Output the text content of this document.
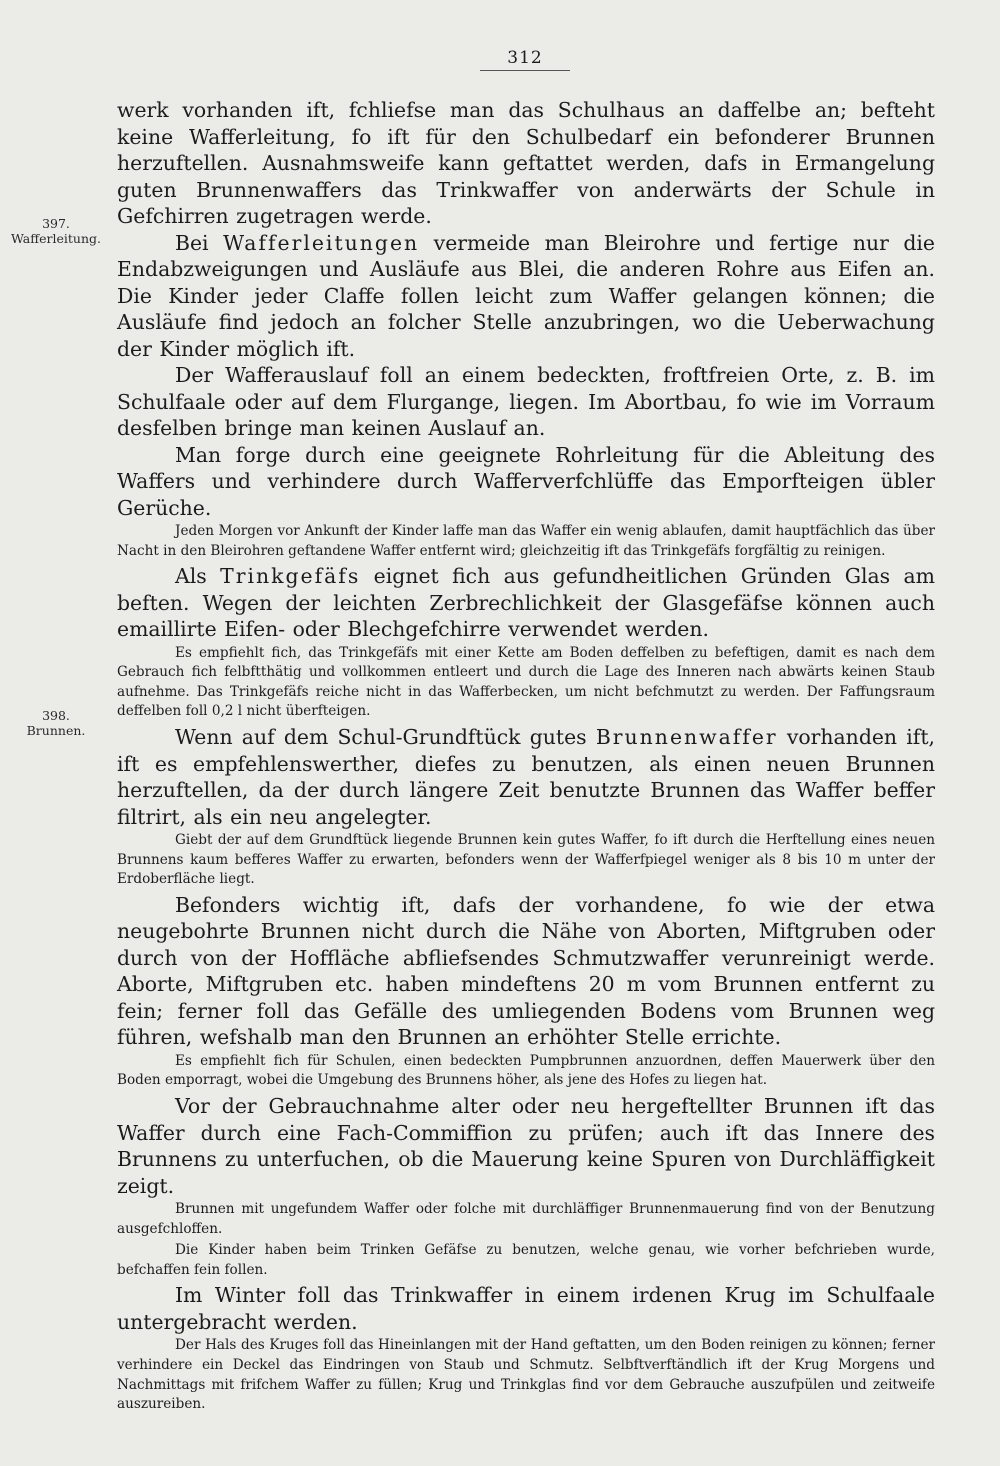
312
397.
Wafferleitung.
398.
Brunnen.

werk vorhanden ift, fchliefse man das Schulhaus an daffelbe an; befteht keine Wafferleitung, fo ift für den Schulbedarf ein befonderer Brunnen herzuftellen. Ausnahmsweife kann geftattet werden, dafs in Ermangelung guten Brunnenwaffers das Trinkwaffer von anderwärts der Schule in Gefchirren zugetragen werde.

Bei Wafferleitungen vermeide man Bleirohre und fertige nur die Endabzweigungen und Ausläufe aus Blei, die anderen Rohre aus Eifen an. Die Kinder jeder Claffe follen leicht zum Waffer gelangen können; die Ausläufe find jedoch an folcher Stelle anzubringen, wo die Ueberwachung der Kinder möglich ift.

Der Wafferauslauf foll an einem bedeckten, froftfreien Orte, z. B. im Schulfaale oder auf dem Flurgange, liegen. Im Abortbau, fo wie im Vorraum desfelben bringe man keinen Auslauf an.

Man forge durch eine geeignete Rohrleitung für die Ableitung des Waffers und verhindere durch Wafferverfchlüffe das Emporfteigen übler Gerüche.

Jeden Morgen vor Ankunft der Kinder laffe man das Waffer ein wenig ablaufen, damit hauptfächlich das über Nacht in den Bleirohren geftandene Waffer entfernt wird; gleichzeitig ift das Trinkgefäfs forgfältig zu reinigen.

Als Trinkgefäfs eignet fich aus gefundheitlichen Gründen Glas am beften. Wegen der leichten Zerbrechlichkeit der Glasgefäfse können auch emaillirte Eifen- oder Blechgefchirre verwendet werden.

Es empfiehlt fich, das Trinkgefäfs mit einer Kette am Boden deffelben zu befeftigen, damit es nach dem Gebrauch fich felbftthätig und vollkommen entleert und durch die Lage des Inneren nach abwärts keinen Staub aufnehme. Das Trinkgefäfs reiche nicht in das Wafferbecken, um nicht befchmutzt zu werden. Der Faffungsraum deffelben foll 0,2 l nicht überfteigen.

Wenn auf dem Schul-Grundftück gutes Brunnenwaffer vorhanden ift, ift es empfehlenswerther, diefes zu benutzen, als einen neuen Brunnen herzuftellen, da der durch längere Zeit benutzte Brunnen das Waffer beffer filtrirt, als ein neu angelegter.

Giebt der auf dem Grundftück liegende Brunnen kein gutes Waffer, fo ift durch die Herftellung eines neuen Brunnens kaum befferes Waffer zu erwarten, befonders wenn der Wafferfpiegel weniger als 8 bis 10 m unter der Erdoberfläche liegt.

Befonders wichtig ift, dafs der vorhandene, fo wie der etwa neugebohrte Brunnen nicht durch die Nähe von Aborten, Miftgruben oder durch von der Hoffläche abfliefsendes Schmutzwaffer verunreinigt werde. Aborte, Miftgruben etc. haben mindeftens 20 m vom Brunnen entfernt zu fein; ferner foll das Gefälle des umliegenden Bodens vom Brunnen weg führen, wefshalb man den Brunnen an erhöhter Stelle errichte.

Es empfiehlt fich für Schulen, einen bedeckten Pumpbrunnen anzuordnen, deffen Mauerwerk über den Boden emporragt, wobei die Umgebung des Brunnens höher, als jene des Hofes zu liegen hat.

Vor der Gebrauchnahme alter oder neu hergeftellter Brunnen ift das Waffer durch eine Fach-Commiffion zu prüfen; auch ift das Innere des Brunnens zu unterfuchen, ob die Mauerung keine Spuren von Durchläffigkeit zeigt.

Brunnen mit ungefundem Waffer oder folche mit durchläffiger Brunnenmauerung find von der Benutzung ausgefchloffen.

Die Kinder haben beim Trinken Gefäfse zu benutzen, welche genau, wie vorher befchrieben wurde, befchaffen fein follen.

Im Winter foll das Trinkwaffer in einem irdenen Krug im Schulfaale untergebracht werden.

Der Hals des Kruges foll das Hineinlangen mit der Hand geftatten, um den Boden reinigen zu können; ferner verhindere ein Deckel das Eindringen von Staub und Schmutz. Selbftverftändlich ift der Krug Morgens und Nachmittags mit frifchem Waffer zu füllen; Krug und Trinkglas find vor dem Gebrauche auszufpülen und zeitweife auszureiben.
